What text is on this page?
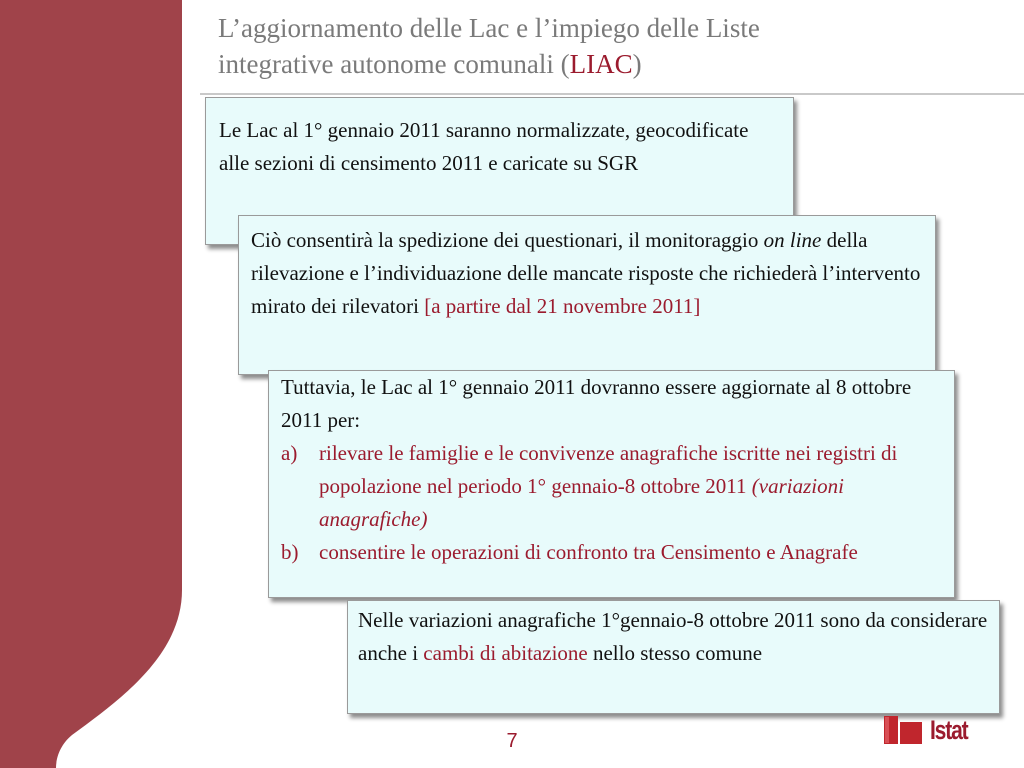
L’aggiornamento delle Lac e l’impiego delle Liste
integrative autonome comunali (LIAC)
Le Lac al 1° gennaio 2011 saranno normalizzate, geocodificate alle sezioni di censimento 2011 e caricate su SGR
Ciò consentirà la spedizione dei questionari, il monitoraggio on line della rilevazione e l’individuazione delle mancate risposte che richiederà l’intervento mirato dei rilevatori [a partire dal 21 novembre 2011]
Tuttavia, le Lac al 1° gennaio 2011 dovranno essere aggiornate al 8 ottobre 2011 per:
a)	rilevare le famiglie e le convivenze anagrafiche iscritte nei registri di popolazione nel periodo 1° gennaio-8 ottobre 2011 (variazioni anagrafiche)
b) consentire le operazioni di confronto tra Censimento e Anagrafe
Nelle variazioni anagrafiche 1°gennaio-8 ottobre 2011 sono da considerare anche i cambi di abitazione nello stesso comune
7	Istat
